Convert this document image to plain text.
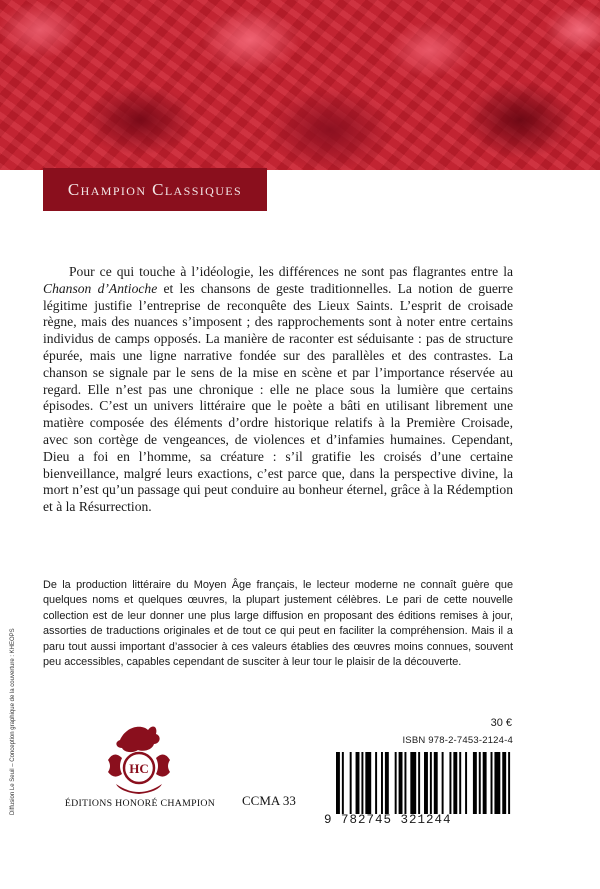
Champion Classiques

Pour ce qui touche à l’idéologie, les différences ne sont pas flagrantes entre la Chanson d’Antioche et les chansons de geste traditionnelles. La notion de guerre légitime justifie l’entreprise de reconquête des Lieux Saints. L’esprit de croisade règne, mais des nuances s’imposent ; des rapprochements sont à noter entre certains individus de camps opposés. La manière de raconter est séduisante : pas de structure épurée, mais une ligne narrative fondée sur des parallèles et des contrastes. La chanson se signale par le sens de la mise en scène et par l’importance réservée au regard. Elle n’est pas une chronique : elle ne place sous la lumière que certains épisodes. C’est un univers littéraire que le poète a bâti en utilisant librement une matière composée des éléments d’ordre historique relatifs à la Première Croisade, avec son cortège de vengeances, de violences et d’infamies humaines. Cependant, Dieu a foi en l’homme, sa créature : s’il gratifie les croisés d’une certaine bienveillance, malgré leurs exactions, c’est parce que, dans la perspective divine, la mort n’est qu’un passage qui peut conduire au bonheur éternel, grâce à la Rédemption et à la Résurrection.

De la production littéraire du Moyen Âge français, le lecteur moderne ne connaît guère que quelques noms et quelques œuvres, la plupart justement célèbres. Le pari de cette nouvelle collection est de leur donner une plus large diffusion en proposant des éditions remises à jour, assorties de traductions originales et de tout ce qui peut en faciliter la compréhension. Mais il a paru tout aussi important d’associer à ces valeurs établies des œuvres moins connues, souvent peu accessibles, capables cependant de susciter à leur tour le plaisir de la découverte.

Diffusion Le Seuil – Conception graphique de la couverture : KHEOPS	HC
ÉDITIONS HONORÉ CHAMPION	CCMA 33
30 €
ISBN 978-2-7453-2124-4
9 782745 321244
